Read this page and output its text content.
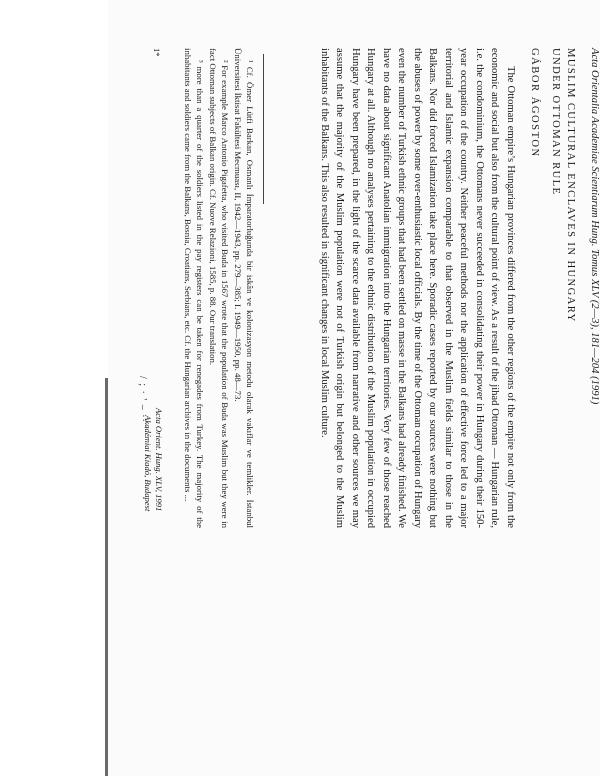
Acta Orientalia Academiae Scientiarum Hung. Tomus XLV (2—3), 181—204 (1991)
MUSLIM CULTURAL ENCLAVES IN HUNGARY
UNDER OTTOMAN RULE
GÁBOR ÁGOSTON

The Ottoman empire’s Hungarian provinces differed from the other regions of the empire not only from the economic and social but also from the cultural point of view. As a result of the jihad Ottoman — Hungarian rule, i.e. the condominium, the Ottomans never succeeded in consolidating their power in Hungary during their 150-year occupation of the country. Neither peaceful methods nor the application of effective force led to a major territorial and Islamic expansion comparable to that observed in the Muslim fields similar to those in the Balkans. Nor did forced Islamization take place here. Sporadic cases reported by our sources were nothing but the abuses of power by some over-enthusiastic local officials. By the time of the Ottoman occupation of Hungary even the number of Turkish ethnic groups that had been settled on masse in the Balkans had already finished. We have no data about significant Anatolian immigration into the Hungarian territories. Very few of those reached Hungary at all. Although no analyses pertaining to the ethnic distribution of the Muslim population in occupied Hungary have been prepared, in the light of the scarce data available from narrative and other sources we may assume that the majority of the Muslim population were not of Turkish origin but belonged to the Muslim inhabitants of the Balkans. This also resulted in significant changes in local Muslim culture.

¹ Cf. Ömer Lütfi Barkan, Osmanlı İmparatorluğunda bir iskân ve kolonizasyon metodu olarak vakıflar ve temlikler. İstanbul Üniversitesi İktisat Fakültesi Mecmuası, II, 1942—1943, pp. 279—385; I. 1949—1950, pp. 48—73.

² For example Marco Antonio Pigafetta, who visited Buda in 1567 wrote that the population of Buda was Muslim but they were in fact Ottoman subjects of Balkan origin. Cf. Nuove Relazioni, 1585, p. 88. Our translation.

³ more than a quarter of the soldiers listed in the pay registers can be taken for renegades from Turkey. The majority of the inhabitants and soldiers came from the Balkans, Bosnia, Croatians, Serbians, etc. Cf. the Hungarian archives in the documents ...

1*
Acta Orient. Hung. XLV, 1991
Akadémiai Kiadó, Budapest
/ ; · ' – ·· ' ⁻
